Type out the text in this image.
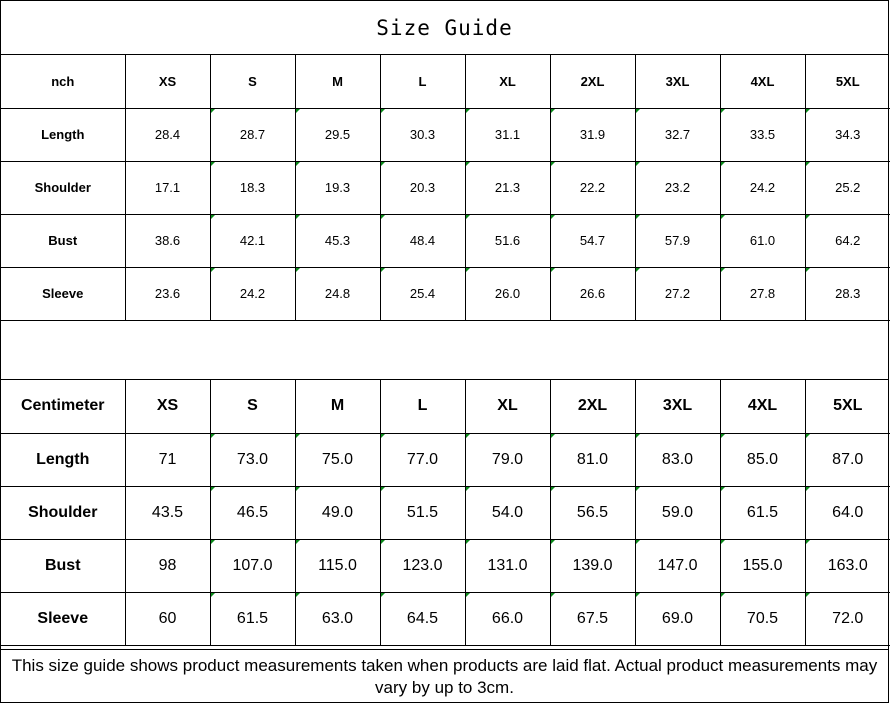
Size Guide
nch	XS	S	M	L	XL	2XL	3XL	4XL	5XL
Length	28.4	28.7	29.5	30.3	31.1	31.9	32.7	33.5	34.3
Shoulder	17.1	18.3	19.3	20.3	21.3	22.2	23.2	24.2	25.2
Bust	38.6	42.1	45.3	48.4	51.6	54.7	57.9	61.0	64.2
Sleeve	23.6	24.2	24.8	25.4	26.0	26.6	27.2	27.8	28.3
Centimeter	XS	S	M	L	XL	2XL	3XL	4XL	5XL
Length	71	73.0	75.0	77.0	79.0	81.0	83.0	85.0	87.0
Shoulder	43.5	46.5	49.0	51.5	54.0	56.5	59.0	61.5	64.0
Bust	98	107.0	115.0	123.0	131.0	139.0	147.0	155.0	163.0
Sleeve	60	61.5	63.0	64.5	66.0	67.5	69.0	70.5	72.0
This size guide shows product measurements taken when products are laid flat. Actual product measurements may vary by up to 3cm.
